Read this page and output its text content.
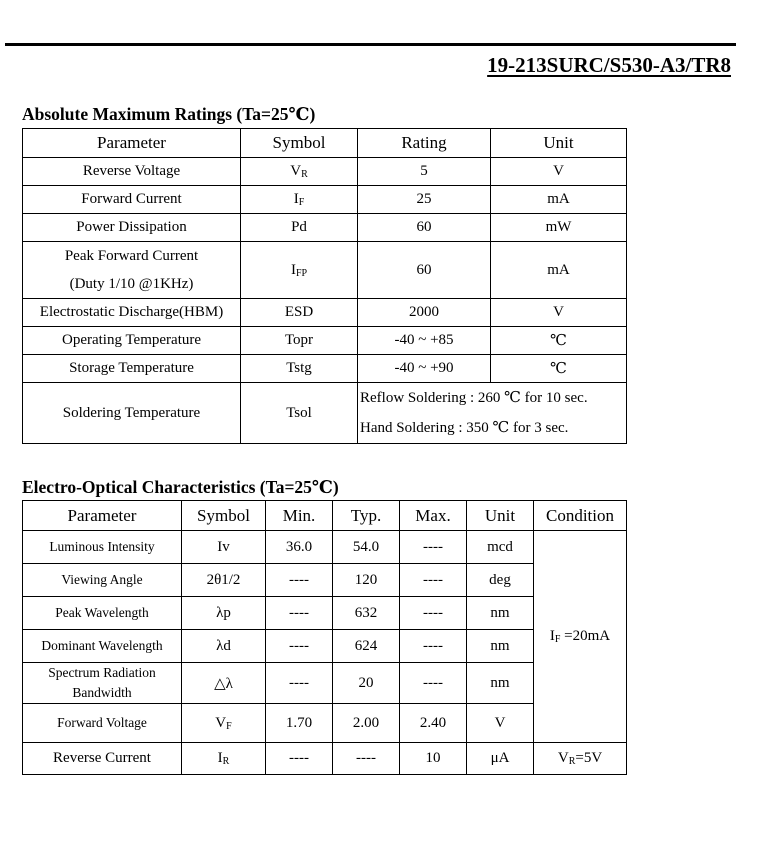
19-213SURC/S530-A3/TR8
Absolute Maximum Ratings (Ta=25℃)
Parameter	Symbol	Rating	Unit
Reverse Voltage	$V_R$	5	V
Forward Current	$I_F$	25	mA
Power Dissipation	Pd	60	mW

Peak Forward Current
(Duty 1/10 @1KHz)	$I_{FP}$	60	mA
Electrostatic Discharge(HBM)	ESD	2000	V
Operating Temperature	Topr	-40 ~ +85	℃
Storage Temperature	Tstg	-40 ~ +90	℃
Soldering Temperature	Tsol	Reflow Soldering : 260 ℃ for 10 sec.
Hand Soldering : 350 ℃ for 3 sec.	
Electro-Optical Characteristics (Ta=25℃)
Parameter	Symbol	Min.	Typ.	Max.	Unit	Condition
Luminous Intensity	Iv	36.0	54.0	----	mcd	$I_F =20mA$
Viewing Angle	2θ1/2	----	120	----	deg	
Peak Wavelength	λp	----	632	----	nm	
Dominant Wavelength	λd	----	624	----	nm	

Spectrum Radiation
Bandwidth	△λ	----	20	----	nm	
Forward Voltage	$V_F$	1.70	2.00	2.40	V	
Reverse Current	$I_R$	----	----	10	μA	$V_R=5V$
